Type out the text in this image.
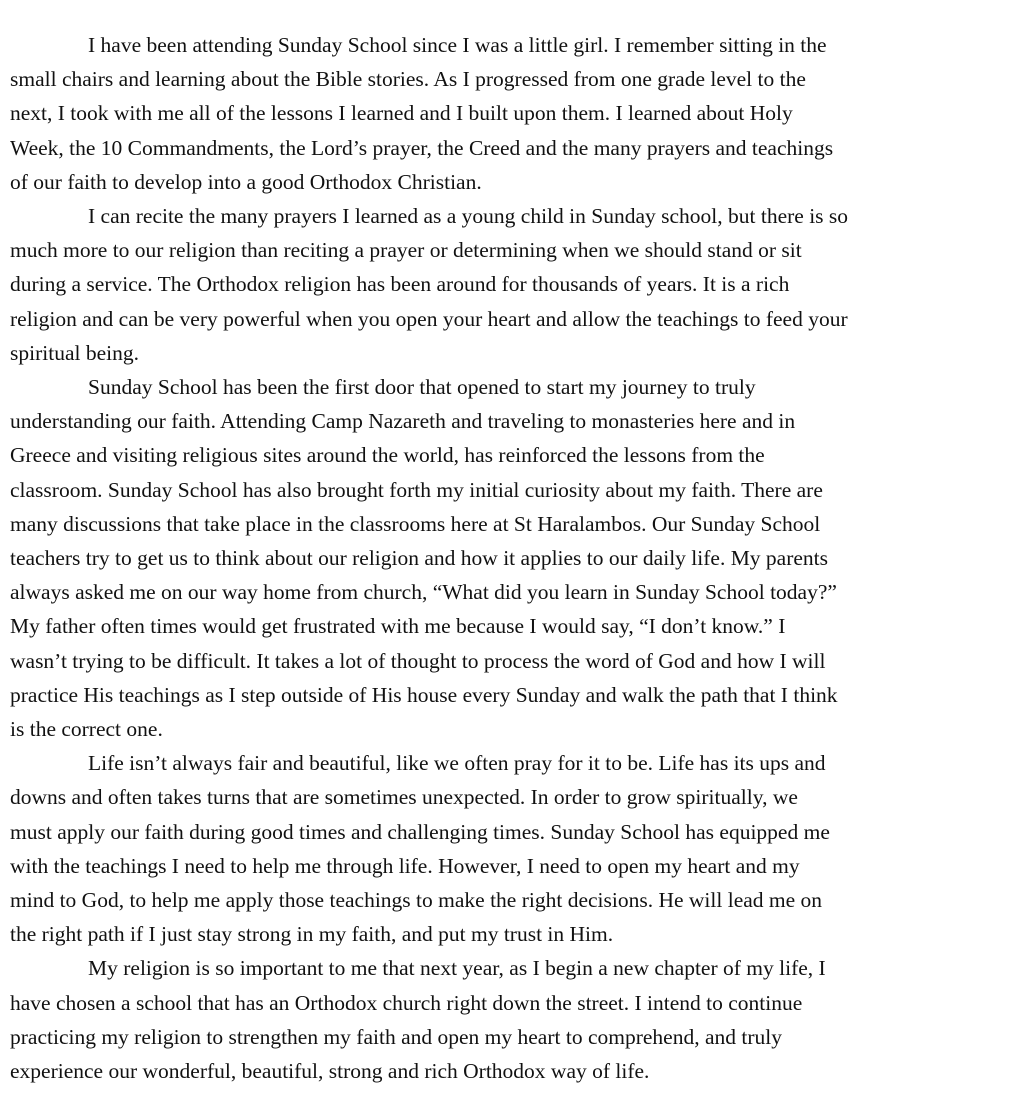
I have been attending Sunday School since I was a little girl. I remember sitting in the
small chairs and learning about the Bible stories. As I progressed from one grade level to the
next, I took with me all of the lessons I learned and I built upon them. I learned about Holy
Week, the 10 Commandments, the Lord’s prayer, the Creed and the many prayers and teachings
of our faith to develop into a good Orthodox Christian.

I can recite the many prayers I learned as a young child in Sunday school, but there is so
much more to our religion than reciting a prayer or determining when we should stand or sit
during a service. The Orthodox religion has been around for thousands of years. It is a rich
religion and can be very powerful when you open your heart and allow the teachings to feed your
spiritual being.

Sunday School has been the first door that opened to start my journey to truly
understanding our faith. Attending Camp Nazareth and traveling to monasteries here and in
Greece and visiting religious sites around the world, has reinforced the lessons from the
classroom. Sunday School has also brought forth my initial curiosity about my faith. There are
many discussions that take place in the classrooms here at St Haralambos. Our Sunday School
teachers try to get us to think about our religion and how it applies to our daily life. My parents
always asked me on our way home from church, “What did you learn in Sunday School today?”
My father often times would get frustrated with me because I would say, “I don’t know.” I
wasn’t trying to be difficult. It takes a lot of thought to process the word of God and how I will
practice His teachings as I step outside of His house every Sunday and walk the path that I think
is the correct one.

Life isn’t always fair and beautiful, like we often pray for it to be. Life has its ups and
downs and often takes turns that are sometimes unexpected. In order to grow spiritually, we
must apply our faith during good times and challenging times. Sunday School has equipped me
with the teachings I need to help me through life. However, I need to open my heart and my
mind to God, to help me apply those teachings to make the right decisions. He will lead me on
the right path if I just stay strong in my faith, and put my trust in Him.

My religion is so important to me that next year, as I begin a new chapter of my life, I
have chosen a school that has an Orthodox church right down the street. I intend to continue
practicing my religion to strengthen my faith and open my heart to comprehend, and truly
experience our wonderful, beautiful, strong and rich Orthodox way of life.
